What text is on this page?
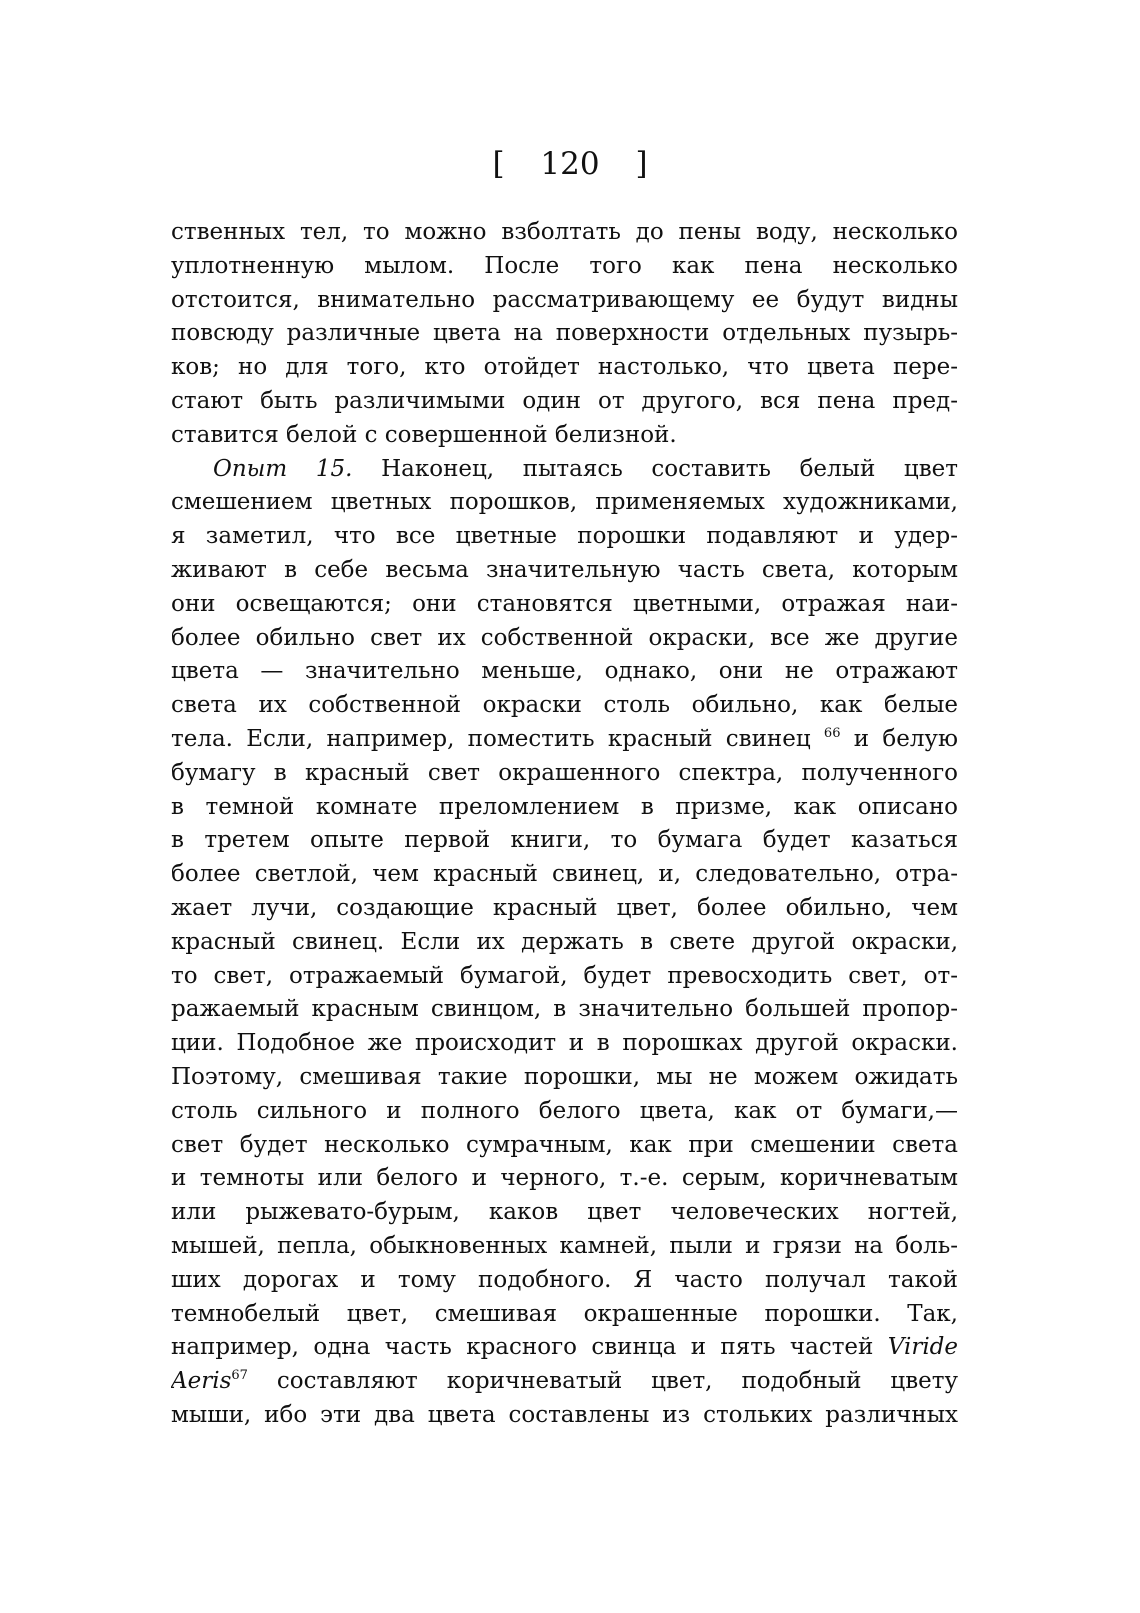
[ 120 ]
ственных тел, то можно взболтать до пены воду, несколько
уплотненную мылом. После того как пена несколько
отстоится, внимательно рассматривающему ее будут видны
повсюду различные цвета на поверхности отдельных пузырь-
ков; но для того, кто отойдет настолько, что цвета пере-
стают быть различимыми один от другого, вся пена пред-
ставится белой с совершенной белизной.
Опыт 15. Наконец, пытаясь составить белый цвет
смешением цветных порошков, применяемых художниками,
я заметил, что все цветные порошки подавляют и удер-
живают в себе весьма значительную часть света, которым
они освещаются; они становятся цветными, отражая наи-
более обильно свет их собственной окраски, все же другие
цвета — значительно меньше, однако, они не отражают
света их собственной окраски столь обильно, как белые
тела. Если, например, поместить красный свинец $^{66}$ и белую
бумагу в красный свет окрашенного спектра, полученного
в темной комнате преломлением в призме, как описано
в третем опыте первой книги, то бумага будет казаться
более светлой, чем красный свинец, и, следовательно, отра-
жает лучи, создающие красный цвет, более обильно, чем
красный свинец. Если их держать в свете другой окраски,
то свет, отражаемый бумагой, будет превосходить свет, от-
ражаемый красным свинцом, в значительно большей пропор-
ции. Подобное же происходит и в порошках другой окраски.
Поэтому, смешивая такие порошки, мы не можем ожидать
столь сильного и полного белого цвета, как от бумаги,—
свет будет несколько сумрачным, как при смешении света
и темноты или белого и черного, т.-е. серым, коричневатым
или рыжевато-бурым, каков цвет человеческих ногтей,
мышей, пепла, обыкновенных камней, пыли и грязи на боль-
ших дорогах и тому подобного. Я часто получал такой
темнобелый цвет, смешивая окрашенные порошки. Так,
например, одна часть красного свинца и пять частей Viride
Aeris$^{67}$ составляют коричневатый цвет, подобный цвету
мыши, ибо эти два цвета составлены из стольких различных
